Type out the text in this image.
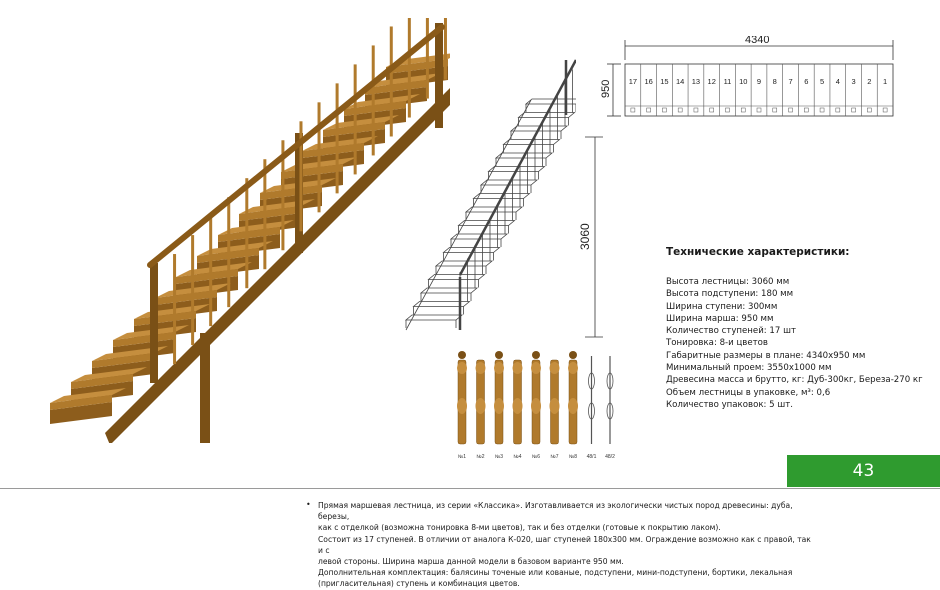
3060
4340
950 17 16 15 14 13 12 11 10 9 8 7 6 5 4 3 2 1
№1 №2 №3 №4 №6 №7 №8 48/1 48/2
Технические характеристики:
Высота лестницы: 3060 мм
Высота подступени: 180 мм
Ширина ступени: 300мм
Ширина марша: 950 мм
Количество ступеней: 17 шт
Тонировка: 8-и цветов
Габаритные размеры в плане: 4340х950 мм
Минимальный проем: 3550х1000 мм
Древесина масса и брутто, кг: Дуб-300кг, Береза-270 кг
Объем лестницы в упаковке, м³: 0,6
Количество упаковок: 5 шт.
43
• Прямая маршевая лестница, из серии «Классика». Изготавливается из экологически чистых пород древесины: дуба, березы,
как с отделкой (возможна тонировка 8-ми цветов), так и без отделки (готовые к покрытию лаком).
Состоит из 17 ступеней. В отличии от аналога К-020, шаг ступеней 180х300 мм. Ограждение возможно как с правой, так и с
левой стороны. Ширина марша данной модели в базовом варианте 950 мм.
Дополнительная комплектация: балясины точеные или кованые, подступени, мини-подступени, бортики, лекальная
(пригласительная) ступень и комбинация цветов.
